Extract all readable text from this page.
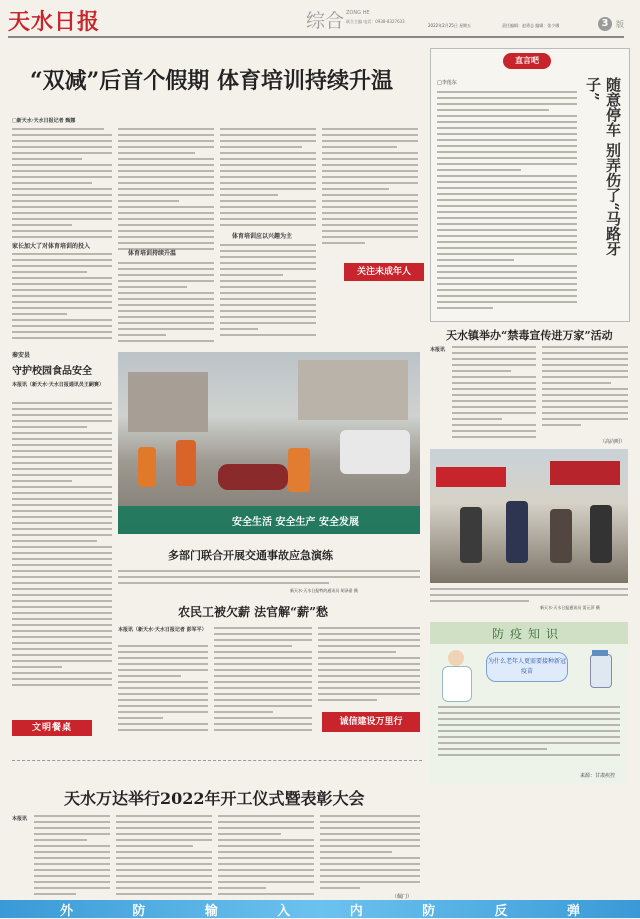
天水日报	综合 ZONG HE
联合主编 电话：0938-8327633
2022年2月25日 星期五	责任编辑：赵勇志 编辑：张少娜	3 版
“双减”后首个假期 体育培训持续升温
□新天水·天水日报记者 甄娜
家长加大了对体育培训的投入
体育培训持续升温
体育培训应以兴趣为主
关注未成年人
直言吧
□李莲东	随意停车 别弄伤了“马路牙子”
秦安县
守护校园食品安全
本报讯（新天水·天水日报通讯员王嗣赛）
文明餐桌
安全生活 安全生产 安全发展
多部门联合开展交通事故应急演练
新天水·天水日报特约通讯员 胡泽嘉 摄
农民工被欠薪 法官解“薪”愁
本报讯（新天水·天水日报记者 彭军平）
诚信建设万里行
天水镇举办“禁毒宣传进万家”活动
本报讯
（高向明）
新天水·天水日报通讯员 雷元萍 摄
防疫知识
为什么老年人更需要接种新冠疫苗
来源：甘肃疾控
天水万达举行2022年开工仪式暨表彰大会
本报讯
（佩门）
外	防	输	入	内	防	反	弹
